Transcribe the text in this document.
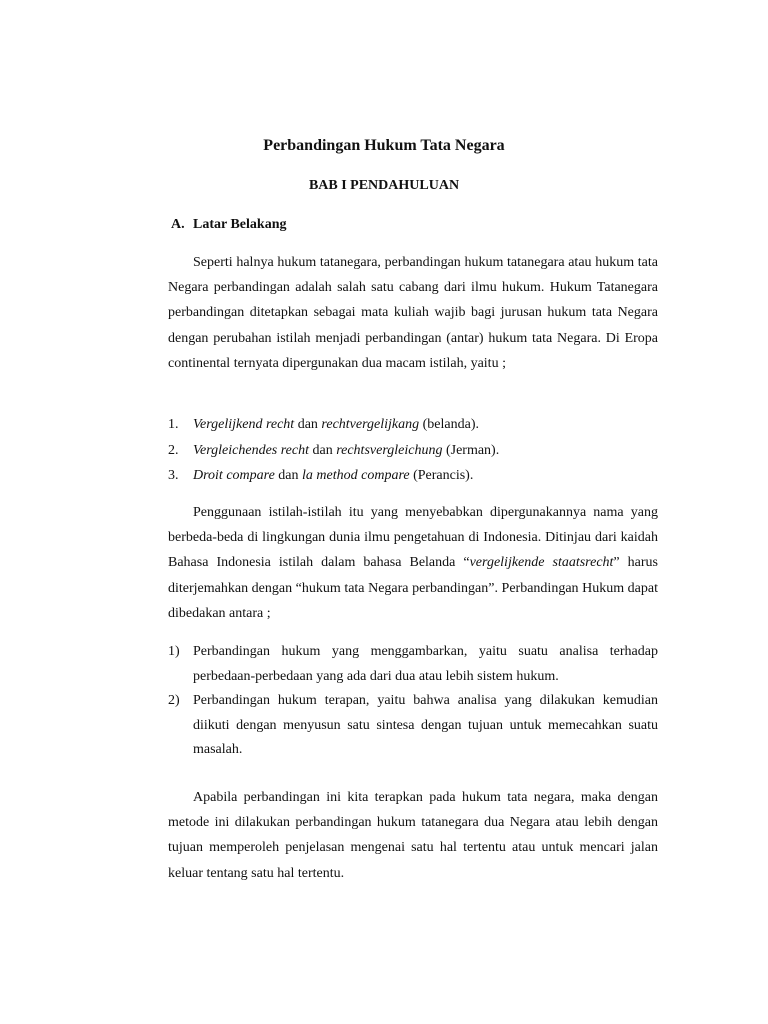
Perbandingan Hukum Tata Negara
BAB I PENDAHULUAN
A. Latar Belakang

Seperti halnya hukum tatanegara, perbandingan hukum tatanegara atau hukum tata Negara perbandingan adalah salah satu cabang dari ilmu hukum. Hukum Tatanegara perbandingan ditetapkan sebagai mata kuliah wajib bagi jurusan hukum tata Negara dengan perubahan istilah menjadi perbandingan (antar) hukum tata Negara. Di Eropa continental ternyata dipergunakan dua macam istilah, yaitu ;

1. Vergelijkend recht dan rechtvergelijkang (belanda).
2. Vergleichendes recht dan rechtsvergleichung (Jerman).
3. Droit compare dan la method compare (Perancis).

Penggunaan istilah-istilah itu yang menyebabkan dipergunakannya nama yang berbeda-beda di lingkungan dunia ilmu pengetahuan di Indonesia. Ditinjau dari kaidah Bahasa Indonesia istilah dalam bahasa Belanda “vergelijkende staatsrecht” harus diterjemahkan dengan “hukum tata Negara perbandingan”. Perbandingan Hukum dapat dibedakan antara ;

1) Perbandingan hukum yang menggambarkan, yaitu suatu analisa terhadap perbedaan-perbedaan yang ada dari dua atau lebih sistem hukum.
2) Perbandingan hukum terapan, yaitu bahwa analisa yang dilakukan kemudian diikuti dengan menyusun satu sintesa dengan tujuan untuk memecahkan suatu masalah.

Apabila perbandingan ini kita terapkan pada hukum tata negara, maka dengan metode ini dilakukan perbandingan hukum tatanegara dua Negara atau lebih dengan tujuan memperoleh penjelasan mengenai satu hal tertentu atau untuk mencari jalan keluar tentang satu hal tertentu.
